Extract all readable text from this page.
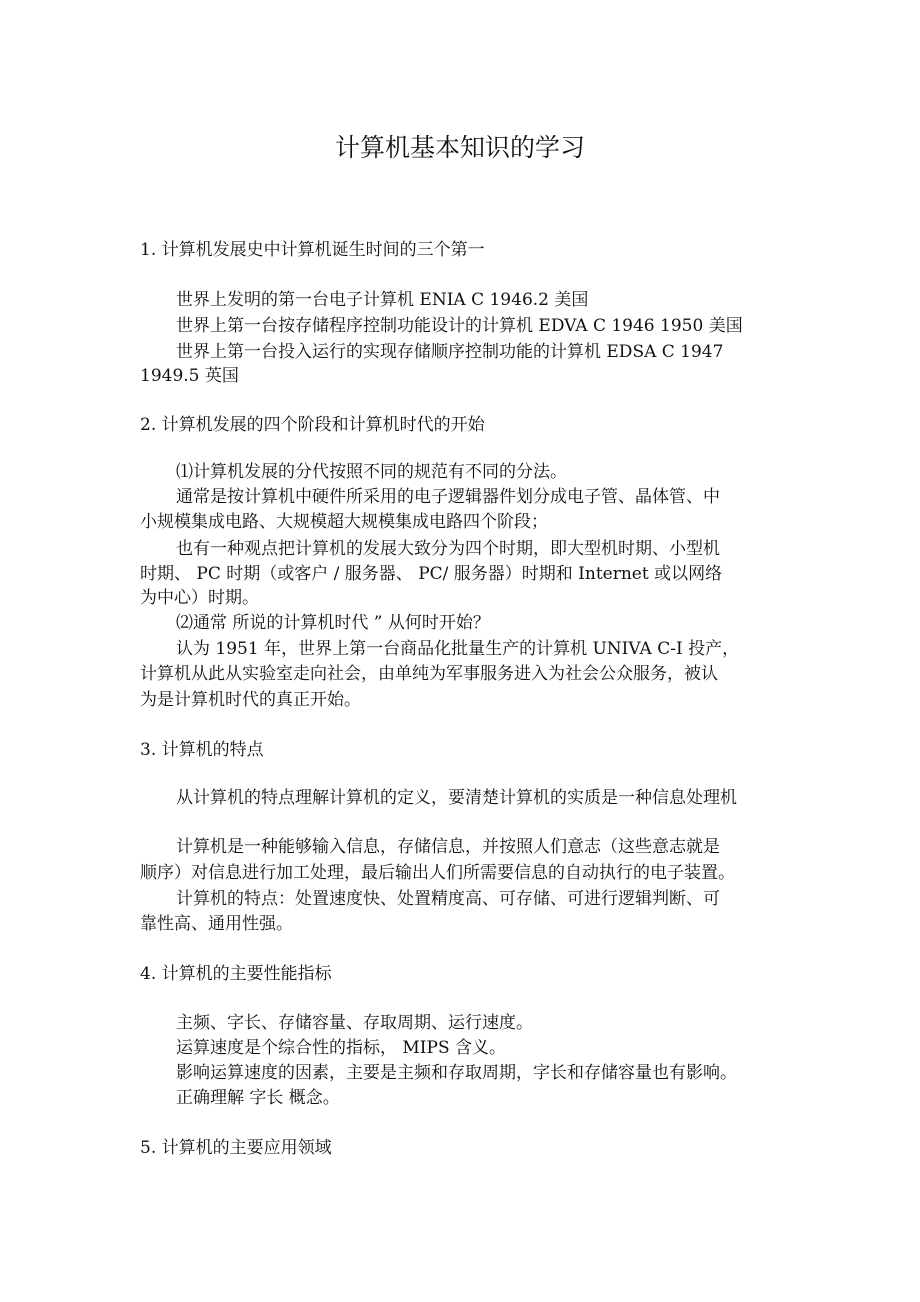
计算机基本知识的学习

1. 计算机发展史中计算机诞生时间的三个第一

世界上发明的第一台电子计算机 ENIA C 1946.2 美国

世界上第一台按存储程序控制功能设计的计算机 EDVA C 1946 1950 美国

世界上第一台投入运行的实现存储顺序控制功能的计算机 EDSA C 1947

1949.5 英国

2. 计算机发展的四个阶段和计算机时代的开始

⑴计算机发展的分代按照不同的规范有不同的分法。

通常是按计算机中硬件所采用的电子逻辑器件划分成电子管、晶体管、中

小规模集成电路、大规模超大规模集成电路四个阶段；

也有一种观点把计算机的发展大致分为四个时期，即大型机时期、小型机

时期、 PC 时期（或客户 / 服务器、 PC/ 服务器）时期和 Internet 或以网络

为中心）时期。

⑵通常 所说的计算机时代 ” 从何时开始？

认为 1951 年，世界上第一台商品化批量生产的计算机 UNIVA C-I 投产，

计算机从此从实验室走向社会，由单纯为军事服务进入为社会公众服务，被认

为是计算机时代的真正开始。

3. 计算机的特点

从计算机的特点理解计算机的定义，要清楚计算机的实质是一种信息处理机

计算机是一种能够输入信息，存储信息，并按照人们意志（这些意志就是

顺序）对信息进行加工处理，最后输出人们所需要信息的自动执行的电子装置。

计算机的特点：处置速度快、处置精度高、可存储、可进行逻辑判断、可

靠性高、通用性强。

4. 计算机的主要性能指标

主频、字长、存储容量、存取周期、运行速度。

运算速度是个综合性的指标， MIPS 含义。

影响运算速度的因素，主要是主频和存取周期，字长和存储容量也有影响。

正确理解 字长 概念。

5. 计算机的主要应用领域
